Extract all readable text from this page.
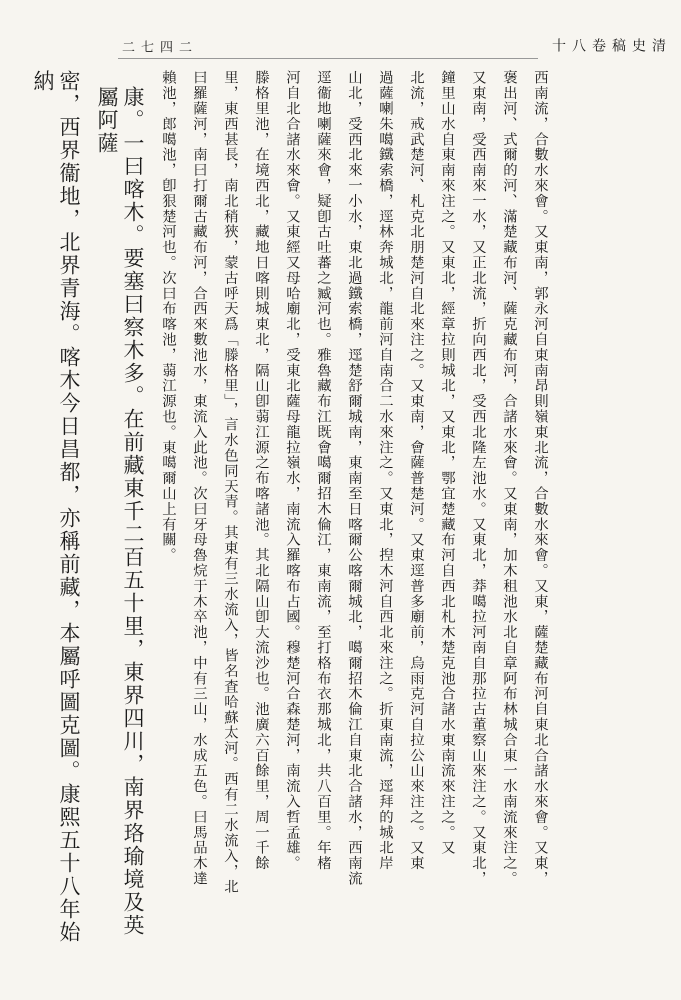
清史稿卷八十
二四七二
西南流，合數水來會。又東南，郭永河自東南昂則嶺東北流，合數水來會。又東，薩楚藏布河自東北合諸水來會。又東，
褒出河、式爾的河、滿楚藏布河、薩克藏布河，合諸水來會。又東南，加木租池水北自章阿布林城合東一水南流來注之。
又東南，受西南來一水，又正北流，折向西北，受西北隆左池水。又東北，莽噶拉河南自那拉古董察山來注之。又東北，
鐘里山水自東南來注之。又東北，經章拉則城北，又東北，鄂宜楚藏布河自西北札木楚克池合諸水東南流來注之。又
北流，戒武楚河、札克北朋楚河自北來注之。又東南，會薩普楚河。又東逕普多廟前，烏雨克河自拉公山來注之。又東
過薩喇朱噶鐵索橋，逕林奔城北，龍前河自南合二水來注之。又東北，揑木河自西北來注之。折東南流，逕拜的城北岸
山北，受西北來一小水，東北過鐵索橋，逕楚舒爾城南，東南至日喀爾公喀爾城北，噶爾招木倫江自東北合諸水，西南流
逕衞地喇薩來會，疑卽古吐蕃之臧河也。雅魯藏布江既會噶爾招木倫江，東南流，至打格布衣那城北，共八百里。年楮
河自北合諸水來會。又東經又母哈廟北，受東北薩母龍拉嶺水，南流入羅喀布占國。穆楚河合森楚河，南流入哲孟雄。
滕格里池，在境西北，藏地日喀則城東北，隔山卽蒻江源之布喀諸池。其北隔山卽大流沙也。池廣六百餘里，周一千餘
里，東西甚長，南北稍狹，蒙古呼天爲「滕格里」，言水色同天青。其東有三水流入，皆名査哈蘇太河。西有二水流入，北
曰羅薩河，南曰打爾古藏布河，合西來數池水，東流入此池。次曰牙母魯烷于木卒池，中有三山，水成五色。曰馬品木達
賴池，郎噶池，卽狠楚河也。次曰布喀池，蒻江源也。東噶爾山上有關。
康。一曰喀木。要塞曰察木多。在前藏東千二百五十里，東界四川，南界珞瑜境及英屬阿薩
密，西界衞地，北界青海。喀木今日昌都，亦稱前藏，本屬呼圖克圖。康熙五十八年始納
